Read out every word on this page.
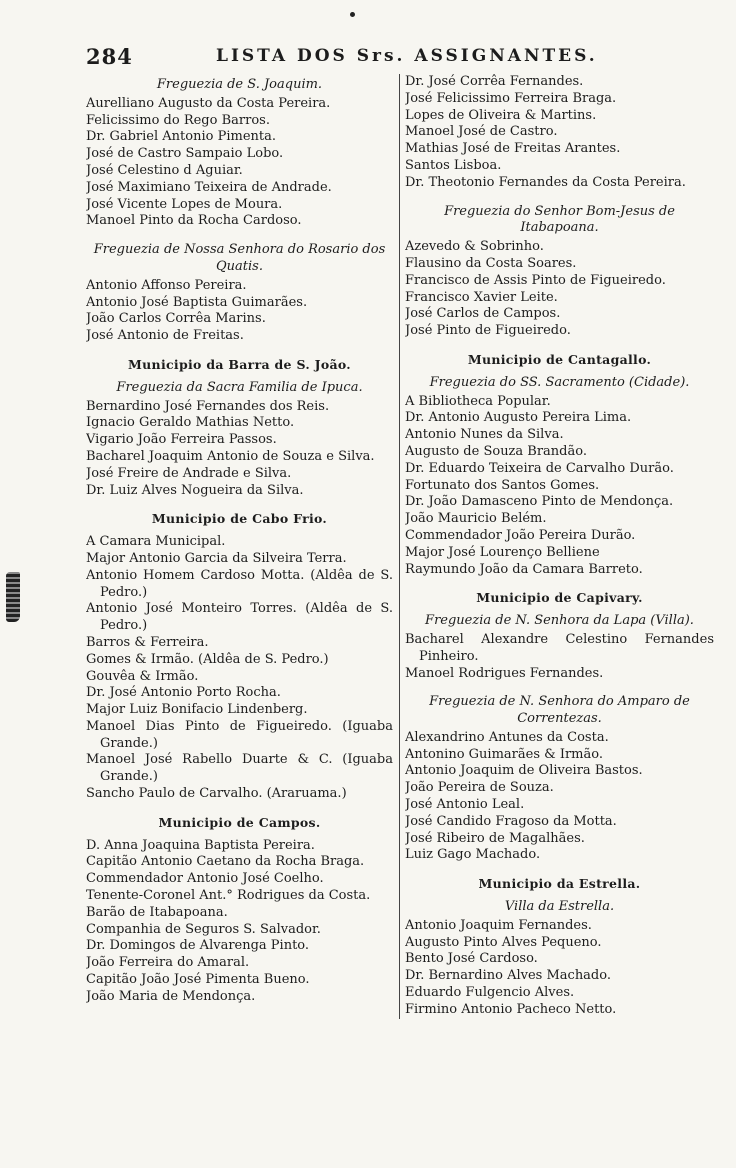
284	LISTA DOS Srs. ASSIGNANTES.
Freguezia de S. Joaquim.
Aurelliano Augusto da Costa Pereira.
Felicissimo do Rego Barros.
Dr. Gabriel Antonio Pimenta.
José de Castro Sampaio Lobo.
José Celestino d Aguiar.
José Maximiano Teixeira de Andrade.
José Vicente Lopes de Moura.
Manoel Pinto da Rocha Cardoso.
Freguezia de Nossa Senhora do Rosario dos Quatis.
Antonio Affonso Pereira.
Antonio José Baptista Guimarães.
João Carlos Corrêa Marins.
José Antonio de Freitas.
Municipio da Barra de S. João.
Freguezia da Sacra Familia de Ipuca.
Bernardino José Fernandes dos Reis.
Ignacio Geraldo Mathias Netto.
Vigario João Ferreira Passos.
Bacharel Joaquim Antonio de Souza e Silva.
José Freire de Andrade e Silva.
Dr. Luiz Alves Nogueira da Silva.
Municipio de Cabo Frio.
A Camara Municipal.
Major Antonio Garcia da Silveira Terra.
Antonio Homem Cardoso Motta. (Aldêa de S. Pedro.)
Antonio José Monteiro Torres. (Aldêa de S. Pedro.)
Barros & Ferreira.
Gomes & Irmão. (Aldêa de S. Pedro.)
Gouvêa & Irmão.
Dr. José Antonio Porto Rocha.
Major Luiz Bonifacio Lindenberg.
Manoel Dias Pinto de Figueiredo. (Iguaba Grande.)
Manoel José Rabello Duarte & C. (Iguaba Grande.)
Sancho Paulo de Carvalho. (Araruama.)
Municipio de Campos.
D. Anna Joaquina Baptista Pereira.
Capitão Antonio Caetano da Rocha Braga.
Commendador Antonio José Coelho.
Tenente-Coronel Ant.° Rodrigues da Costa.
Barão de Itabapoana.
Companhia de Seguros S. Salvador.
Dr. Domingos de Alvarenga Pinto.
João Ferreira do Amaral.
Capitão João José Pimenta Bueno.
João Maria de Mendonça.
Dr. José Corrêa Fernandes.
José Felicissimo Ferreira Braga.
Lopes de Oliveira & Martins.
Manoel José de Castro.
Mathias José de Freitas Arantes.
Santos Lisboa.
Dr. Theotonio Fernandes da Costa Pereira.
Freguezia do Senhor Bom-Jesus de Itabapoana.
Azevedo & Sobrinho.
Flausino da Costa Soares.
Francisco de Assis Pinto de Figueiredo.
Francisco Xavier Leite.
José Carlos de Campos.
José Pinto de Figueiredo.
Municipio de Cantagallo.
Freguezia do SS. Sacramento (Cidade).
A Bibliotheca Popular.
Dr. Antonio Augusto Pereira Lima.
Antonio Nunes da Silva.
Augusto de Souza Brandão.
Dr. Eduardo Teixeira de Carvalho Durão.
Fortunato dos Santos Gomes.
Dr. João Damasceno Pinto de Mendonça.
João Mauricio Belém.
Commendador João Pereira Durão.
Major José Lourenço Belliene
Raymundo João da Camara Barreto.
Municipio de Capivary.
Freguezia de N. Senhora da Lapa (Villa).
Bacharel Alexandre Celestino Fernandes Pinheiro.
Manoel Rodrigues Fernandes.
Freguezia de N. Senhora do Amparo de Correntezas.
Alexandrino Antunes da Costa.
Antonino Guimarães & Irmão.
Antonio Joaquim de Oliveira Bastos.
João Pereira de Souza.
José Antonio Leal.
José Candido Fragoso da Motta.
José Ribeiro de Magalhães.
Luiz Gago Machado.
Municipio da Estrella.
Villa da Estrella.
Antonio Joaquim Fernandes.
Augusto Pinto Alves Pequeno.
Bento José Cardoso.
Dr. Bernardino Alves Machado.
Eduardo Fulgencio Alves.
Firmino Antonio Pacheco Netto.
